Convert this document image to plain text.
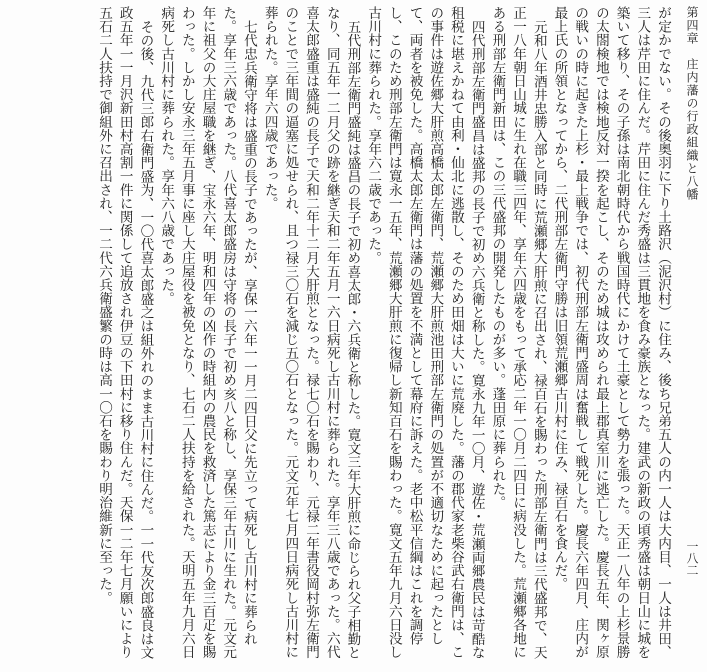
第四章　庄内藩の行政組織と八幡
一八二

が定かでない。その後奥羽に下り土路沢（泥沢村）に住み、後ち兄弟五人の内一人は大内目、一人は井田、三人は芹田に住んだ。芹田に住んだ秀盛は三貫地を食み豪族となった。建武の新政の頃秀盛は朝日山に城を築いて移り、その子孫は南北朝時代から戦国時代にかけて土豪として勢力を張った。天正一八年の上杉景勝の太閤検地では検地反対一揆を起こし、そのため城は攻められ最上郡真室川に逃亡した。慶長五年、関ヶ原の戦いの時に起きた上杉・最上戦争では、初代刑部左衛門盛周は奮戦して戦死した。慶長六年四月、庄内が最上氏の所領となってから、二代刑部左衛門守勝は旧領荒瀬郷古川村に住み、禄百石を食んだ。

元和八年酒井忠勝入部と同時に荒瀬郷大肝煎に召出され、禄百石を賜わった刑部左衛門は三代盛邦で、天正一八年朝日山城に生れ在職三四年、享年六四歳をもって承応二年一〇月二四日に病没した。荒瀬郷各地にある刑部左衛門新田は、この三代盛邦の開発したものが多い。蓬田原に葬られた。

四代刑部左衛門盛昌は盛邦の長子で初め六兵衛と称した。寛永九年一〇月、遊佐・荒瀬両郷農民は苛酷な租税に堪えかねて由利・仙北に逃散し、そのため田畑は大いに荒廃した。藩の郡代家老柴谷武右衛門は、この事件は遊佐郷大肝煎高橋太郎左衛門、荒瀬郷大肝煎池田刑部左衛門の処置が不適切なために起ったとして、両者を被免した。高橋太郎左衛門は藩の処置を不満として幕府に訴えた。老中松平信綱はこれを調停し、このため刑部左衛門は寛永一五年、荒瀬郷大肝煎に復帰し新知百石を賜わった。寛文五年九月六日没し古川村に葬られた。享年六二歳であった。

五代刑部左衛門盛純は盛昌の長子で初め喜太郎・六兵衛と称した。寛文三年大肝煎に命じられ父子相勤となり、同五年一二月父の跡を継ぎ天和二年五月一六日病死し古川村に葬られた。享年三八歳であった。六代喜太郎盛重は盛純の長子で天和二年十二月大肝煎となった。禄七〇石を賜わり、元禄二年書役岡村弥左衛門のことで三年間の逼塞に処せられ、且つ禄三〇石を減じ五〇石となった。元文元年七月四日病死し古川村に葬られた。享年六四歳であった。

七代忠兵衛守将は盛重の長子であったが、享保一六年一一月二四日父に先立って病死し古川村に葬られた。享年三六歳であった。八代喜太郎盛房は守将の長子で初め亥八と称し、享保三年古川に生れた。元文元年に祖父の大庄屋職を継ぎ、宝永六年、明和四年の凶作の時組内の農民を救済した篤志により金三百疋を賜わった。しかし安永三年五月事に座し大庄屋役を被免となり、七石二人扶持を給された。天明五年九月六日病死し古川村に葬られた。享年六八歳であった。

その後、九代三郎右衛門盛为、一〇代喜太郎盛之は組外れのまま古川村に住んだ。一一代友次郎盛良は文政五年一一月沢新田村高割一件に関係して追放され伊豆の下田村に移り住んだ。天保一二年七月願いにより五石二人扶持で御組外に召出され、一二代六兵衛盛繁の時は高一〇石を賜わり明治維新に至った。
